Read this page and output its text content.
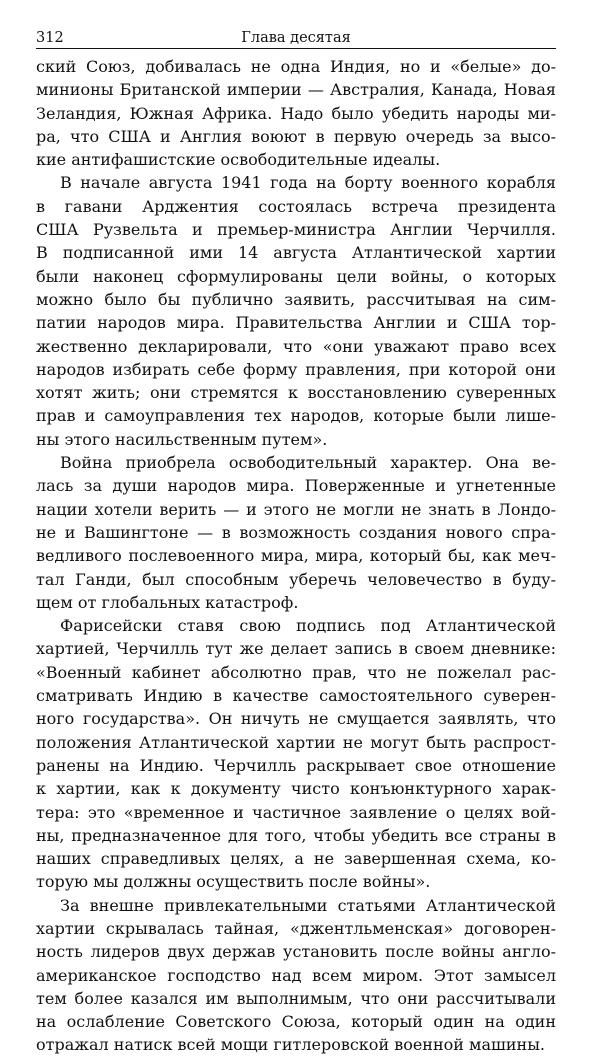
312	Глава десятая
ский Союз, добивалась не одна Индия, но и «белые» до-
минионы Британской империи — Австралия, Канада, Новая
Зеландия, Южная Африка. Надо было убедить народы ми-
ра, что США и Англия воюют в первую очередь за высо-
кие антифашистские освободительные идеалы.
В начале августа 1941 года на борту военного корабля
в гавани Арджентия состоялась встреча президента
США Рузвельта и премьер-министра Англии Черчилля.
В подписанной ими 14 августа Атлантической хартии
были наконец сформулированы цели войны, о которых
можно было бы публично заявить, рассчитывая на сим-
патии народов мира. Правительства Англии и США тор-
жественно декларировали, что «они уважают право всех
народов избирать себе форму правления, при которой они
хотят жить; они стремятся к восстановлению суверенных
прав и самоуправления тех народов, которые были лише-
ны этого насильственным путем».
Война приобрела освободительный характер. Она ве-
лась за души народов мира. Поверженные и угнетенные
нации хотели верить — и этого не могли не знать в Лондо-
не и Вашингтоне — в возможность создания нового спра-
ведливого послевоенного мира, мира, который бы, как меч-
тал Ганди, был способным уберечь человечество в буду-
щем от глобальных катастроф.
Фарисейски ставя свою подпись под Атлантической
хартией, Черчилль тут же делает запись в своем дневнике:
«Военный кабинет абсолютно прав, что не пожелал рас-
сматривать Индию в качестве самостоятельного суверен-
ного государства». Он ничуть не смущается заявлять, что
положения Атлантической хартии не могут быть распрост-
ранены на Индию. Черчилль раскрывает свое отношение
к хартии, как к документу чисто конъюнктурного харак-
тера: это «временное и частичное заявление о целях вой-
ны, предназначенное для того, чтобы убедить все страны в
наших справедливых целях, а не завершенная схема, ко-
торую мы должны осуществить после войны».
За внешне привлекательными статьями Атлантической
хартии скрывалась тайная, «джентльменская» договорен-
ность лидеров двух держав установить после войны англо-
американское господство над всем миром. Этот замысел
тем более казался им выполнимым, что они рассчитывали
на ослабление Советского Союза, который один на один
отражал натиск всей мощи гитлеровской военной машины.
